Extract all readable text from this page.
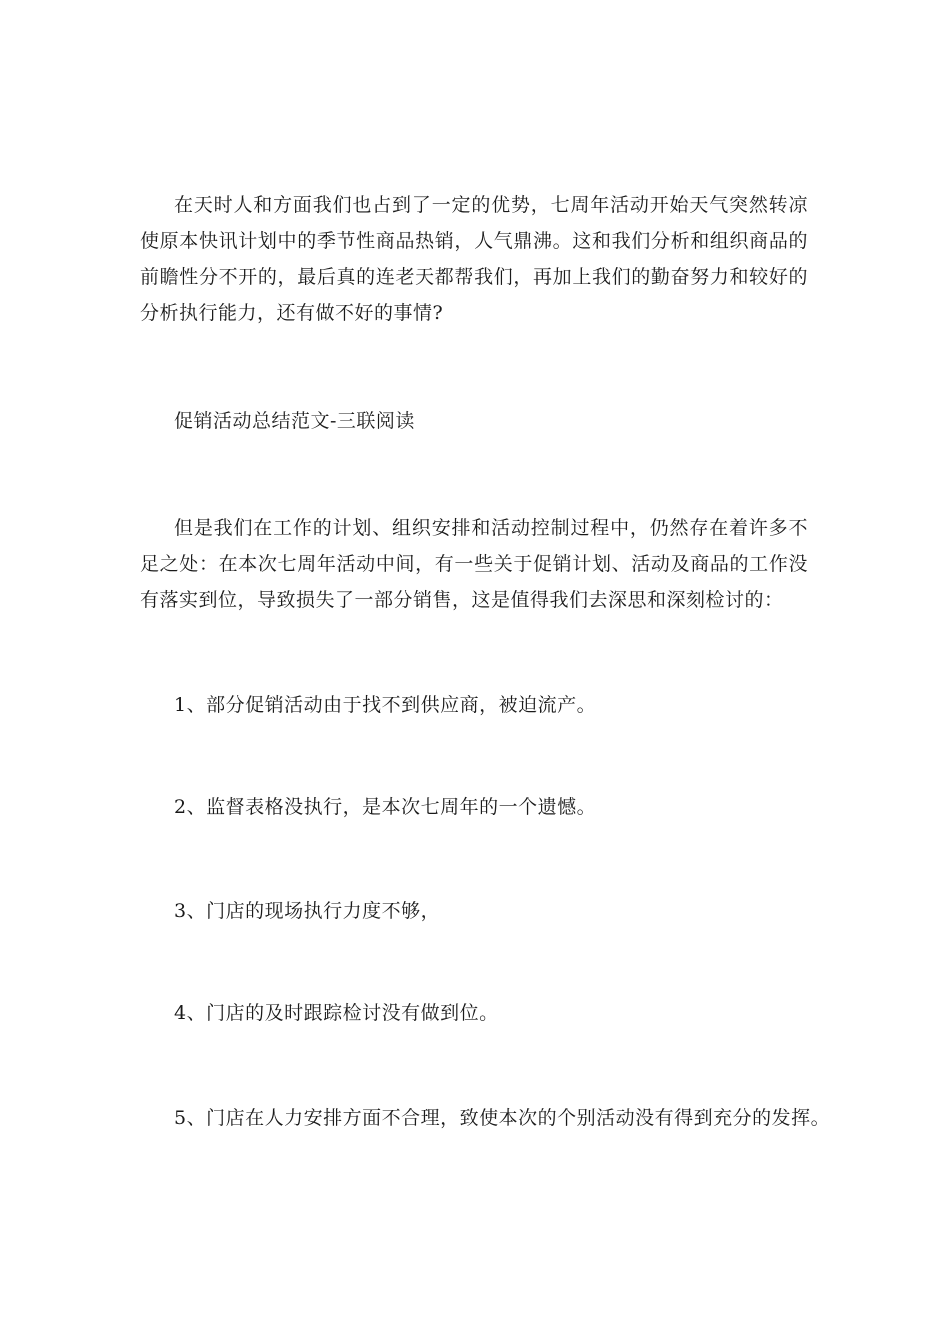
在天时人和方面我们也占到了一定的优势，七周年活动开始天气突然转凉使原本快讯计划中的季节性商品热销，人气鼎沸。这和我们分析和组织商品的前瞻性分不开的，最后真的连老天都帮我们，再加上我们的勤奋努力和较好的分析执行能力，还有做不好的事情?

促销活动总结范文-三联阅读

但是我们在工作的计划、组织安排和活动控制过程中，仍然存在着许多不足之处：在本次七周年活动中间，有一些关于促销计划、活动及商品的工作没有落实到位，导致损失了一部分销售，这是值得我们去深思和深刻检讨的：

1、部分促销活动由于找不到供应商，被迫流产。

2、监督表格没执行，是本次七周年的一个遗憾。

3、门店的现场执行力度不够，

4、门店的及时跟踪检讨没有做到位。

5、门店在人力安排方面不合理，致使本次的个别活动没有得到充分的发挥。
